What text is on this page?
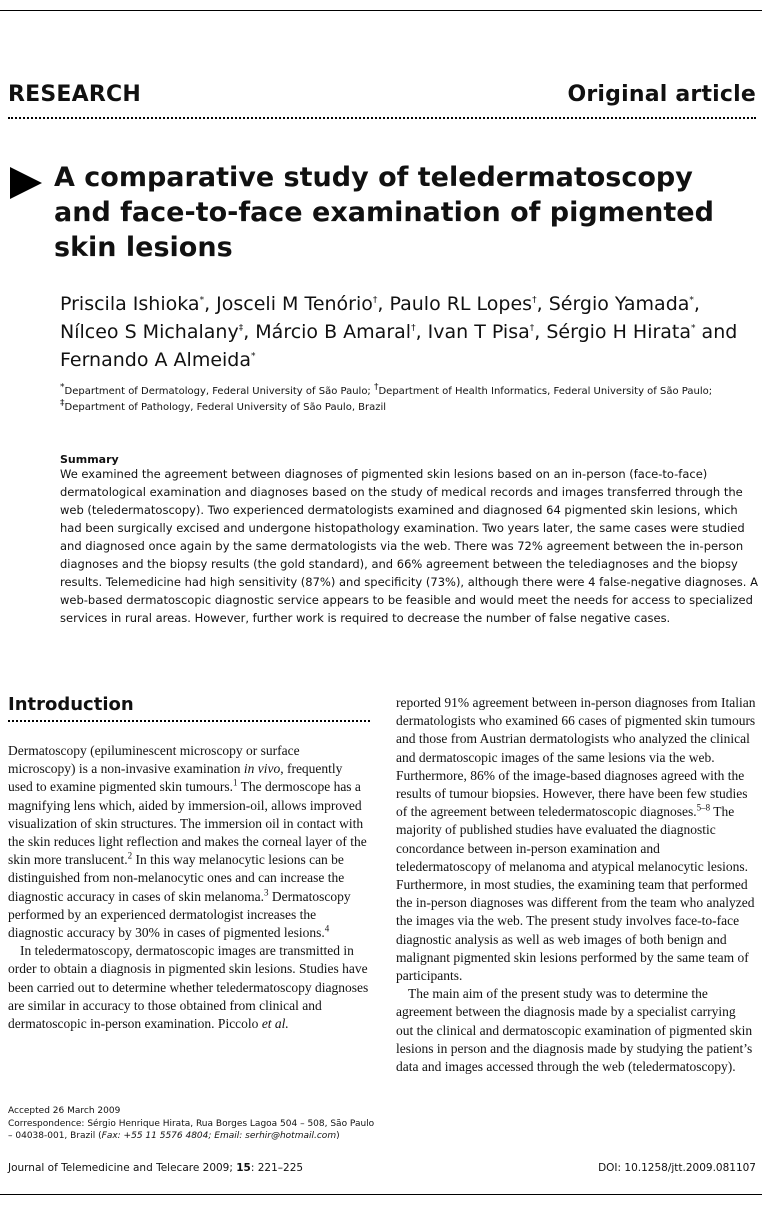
RESEARCH	Original article
A comparative study of teledermatoscopy and face-to-face examination of pigmented skin lesions
Priscila Ishioka*, Josceli M Tenório†, Paulo RL Lopes†, Sérgio Yamada*, Nílceo S Michalany‡, Márcio B Amaral†, Ivan T Pisa†, Sérgio H Hirata* and Fernando A Almeida*
*Department of Dermatology, Federal University of São Paulo; †Department of Health Informatics, Federal University of São Paulo; ‡Department of Pathology, Federal University of São Paulo, Brazil
Summary
We examined the agreement between diagnoses of pigmented skin lesions based on an in-person (face-to-face) dermatological examination and diagnoses based on the study of medical records and images transferred through the web (teledermatoscopy). Two experienced dermatologists examined and diagnosed 64 pigmented skin lesions, which had been surgically excised and undergone histopathology examination. Two years later, the same cases were studied and diagnosed once again by the same dermatologists via the web. There was 72% agreement between the in-person diagnoses and the biopsy results (the gold standard), and 66% agreement between the telediagnoses and the biopsy results. Telemedicine had high sensitivity (87%) and specificity (73%), although there were 4 false-negative diagnoses. A web-based dermatoscopic diagnostic service appears to be feasible and would meet the needs for access to specialized services in rural areas. However, further work is required to decrease the number of false negative cases.
Introduction

Dermatoscopy (epiluminescent microscopy or surface microscopy) is a non-invasive examination in vivo, frequently used to examine pigmented skin tumours.$^1$ The dermoscope has a magnifying lens which, aided by immersion-oil, allows improved visualization of skin structures. The immersion oil in contact with the skin reduces light reflection and makes the corneal layer of the skin more translucent.$^2$ In this way melanocytic lesions can be distinguished from non-melanocytic ones and can increase the diagnostic accuracy in cases of skin melanoma.$^3$ Dermatoscopy performed by an experienced dermatologist increases the diagnostic accuracy by 30% in cases of pigmented lesions.$^4$

In teledermatoscopy, dermatoscopic images are transmitted in order to obtain a diagnosis in pigmented skin lesions. Studies have been carried out to determine whether teledermatoscopy diagnoses are similar in accuracy to those obtained from clinical and dermatoscopic in-person examination. Piccolo et al.

reported 91% agreement between in-person diagnoses from Italian dermatologists who examined 66 cases of pigmented skin tumours and those from Austrian dermatologists who analyzed the clinical and dermatoscopic images of the same lesions via the web. Furthermore, 86% of the image-based diagnoses agreed with the results of tumour biopsies. However, there have been few studies of the agreement between teledermatoscopic diagnoses.$^{5-8}$ The majority of published studies have evaluated the diagnostic concordance between in-person examination and teledermatoscopy of melanoma and atypical melanocytic lesions. Furthermore, in most studies, the examining team that performed the in-person diagnoses was different from the team who analyzed the images via the web. The present study involves face-to-face diagnostic analysis as well as web images of both benign and malignant pigmented skin lesions performed by the same team of participants.

The main aim of the present study was to determine the agreement between the diagnosis made by a specialist carrying out the clinical and dermatoscopic examination of pigmented skin lesions in person and the diagnosis made by studying the patient’s data and images accessed through the web (teledermatoscopy).

Accepted 26 March 2009
Correspondence: Sérgio Henrique Hirata, Rua Borges Lagoa 504 – 508, São Paulo – 04038-001, Brazil (Fax: +55 11 5576 4804; Email: serhir@hotmail.com)
Journal of Telemedicine and Telecare 2009; 15: 221–225	DOI: 10.1258/jtt.2009.081107
